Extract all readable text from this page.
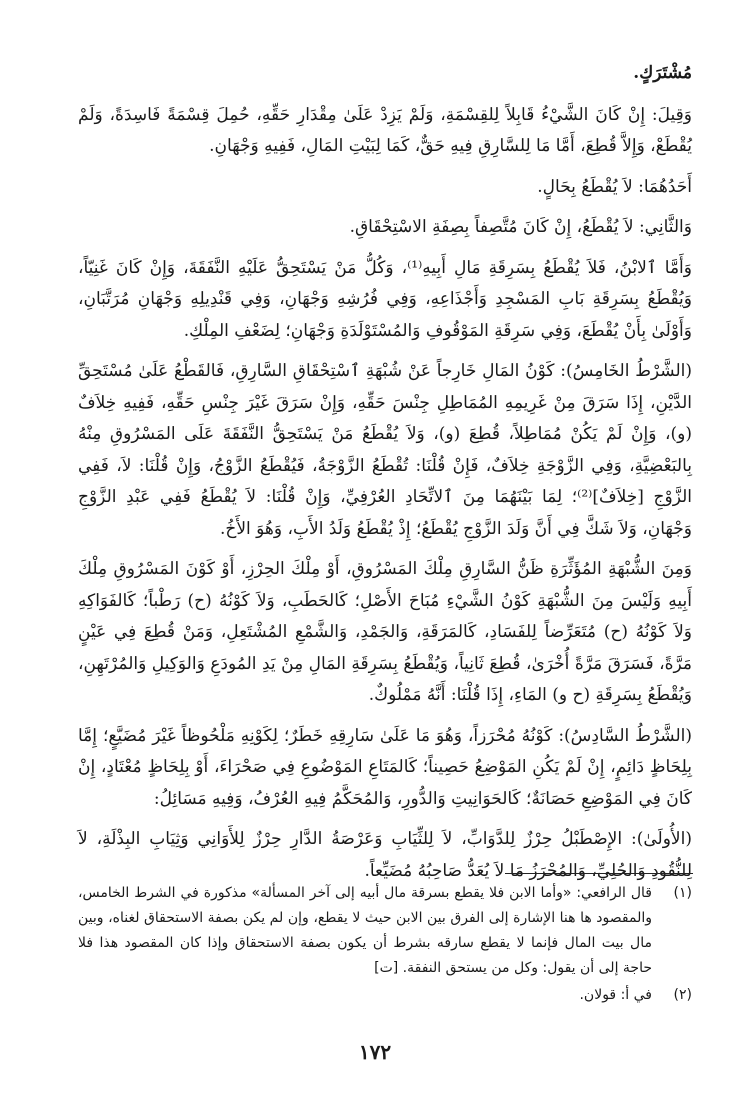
مُشْتَرَكٍ.

وَقِيلَ: إِنْ كَانَ الشَّيْءُ قَابِلاً لِلقِسْمَةِ، وَلَمْ يَزِدْ عَلَىٰ مِقْدَارِ حَقِّهِ، حُمِلَ قِسْمَةً فَاسِدَةً، وَلَمْ يُقْطَعْ، وَإِلاَّ قُطِعَ، أَمَّا مَا لِلسَّارِقِ فِيهِ حَقٌّ، كَمَا لِبَيْتِ المَالِ، فَفِيهِ وَجْهَانِ.

أَحَدُهُمَا: لاَ يُقْطَعُ بِحَالٍ.

وَالثَّانِي: لاَ يُقْطَعُ، إِنْ كَانَ مُتَّصِفاً بِصِفَةِ الاسْتِحْقَاقِ.

وَأَمَّا ٱلابْنُ، فَلاَ يُقْطَعُ بِسَرِقَةِ مَالِ أَبِيهِ⁽¹⁾، وَكُلُّ مَنْ يَسْتَحِقُّ عَلَيْهِ النَّفَقَةَ، وَإِنْ كَانَ غَنِيّاً، وَيُقْطَعُ بِسَرِقَةِ بَابِ المَسْجِدِ وَأَجْذَاعِهِ، وَفِي فُرُشِهِ وَجْهَانِ، وَفِي قَنْدِيلِهِ وَجْهَانِ مُرَتَّبَانِ، وَأَوْلَىٰ بِأَنْ يُقْطَعَ، وَفِي سَرِقَةِ المَوْقُوفِ وَالمُسْتَوْلَدَةِ وَجْهَانِ؛ لِضَعْفِ المِلْكِ.

(الشَّرْطُ الخَامِسُ): كَوْنُ المَالِ خَارِجاً عَنْ شُبْهَةِ ٱسْتِحْقَاقِ السَّارِقِ، فَالقَطْعُ عَلَىٰ مُسْتَحِقِّ الدَّيْنِ، إِذَا سَرَقَ مِنْ غَرِيمِهِ المُمَاطِلِ جِنْسَ حَقِّهِ، وَإِنْ سَرَقَ غَيْرَ جِنْسِ حَقِّهِ، فَفِيهِ خِلاَفٌ (و)، وَإِنْ لَمْ يَكُنْ مُمَاطِلاً، قُطِعَ (و)، وَلاَ يُقْطَعُ مَنْ يَسْتَحِقُّ النَّفَقَةَ عَلَى المَسْرُوقِ مِنْهُ بِالبَعْضِيَّةِ، وَفِي الزَّوْجَةِ خِلاَفٌ، فَإِنْ قُلْنَا: تُقْطَعُ الزَّوْجَةُ، فَيُقْطَعُ الزَّوْجُ، وَإِنْ قُلْنَا: لاَ، فَفِي الزَّوْجِ [خِلاَفٌ]⁽²⁾؛ لِمَا بَيْنَهُمَا مِنَ ٱلاتِّحَادِ العُرْفِيِّ، وَإِنْ قُلْنَا: لاَ يُقْطَعُ فَفِي عَبْدِ الزَّوْجِ وَجْهَانِ، وَلاَ شَكَّ فِي أَنَّ وَلَدَ الزَّوْجِ يُقْطَعُ؛ إِذْ يُقْطَعُ وَلَدُ الأَبِ، وَهُوَ الأَخُ.

وَمِنَ الشُّبْهَةِ المُؤَثِّرَةِ ظَنُّ السَّارِقِ مِلْكَ المَسْرُوقِ، أَوْ مِلْكَ الحِرْزِ، أَوْ كَوْنَ المَسْرُوقِ مِلْكَ أَبِيهِ وَلَيْسَ مِنَ الشُّبْهَةِ كَوْنُ الشَّيْءِ مُبَاحَ الأَصْلِ؛ كَالحَطَبِ، وَلاَ كَوْنُهُ (ح) رَطْباً؛ كَالفَوَاكِهِ وَلاَ كَوْنُهُ (ح) مُتَعَرِّضاً لِلفَسَادِ، كَالمَرَقَةِ، وَالجَمْدِ، وَالشَّمْعِ المُشْتَعِلِ، وَمَنْ قُطِعَ فِي عَيْنٍ مَرَّةً، فَسَرَقَ مَرَّةً أُخْرَىٰ، قُطِعَ ثَانِياً، وَيُقْطَعُ بِسَرِقَةِ المَالِ مِنْ يَدِ المُودَعِ وَالوَكِيلِ وَالمُرْتَهِنِ، وَيُقْطَعُ بِسَرِقَةِ (ح و) المَاءِ، إِذَا قُلْنَا: أَنَّهُ مَمْلُوكٌ.

(الشَّرْطُ السَّادِسُ): كَوْنُهُ مُحْرَزاً، وَهُوَ مَا عَلَىٰ سَارِقِهِ خَطَرٌ؛ لِكَوْنِهِ مَلْحُوظاً غَيْرَ مُضَيَّعٍ؛ إِمَّا بِلِحَاظٍ دَائِمٍ، إِنْ لَمْ يَكُنِ المَوْضِعُ حَصِيناً؛ كَالمَتَاعِ المَوْضُوعِ فِي صَحْرَاءَ، أَوْ بِلِحَاظٍ مُعْتَادٍ، إِنْ كَانَ فِي المَوْضِعِ حَصَانَةٌ؛ كَالحَوَانِيتِ وَالدُّورِ، وَالمُحَكَّمُ فِيهِ العُرْفُ، وَفِيهِ مَسَائِلُ:

(الأُولَىٰ): الإِصْطَبْلُ حِرْزٌ لِلدَّوَابِّ، لاَ لِلثِّيَابِ وَعَرْصَةُ الدَّارِ حِرْزٌ لِلأَوَانِي وَثِيَابِ البِذْلَةِ، لاَ لِلنُّقُودِ وَالحُلِيِّ، وَالمُحْرَزُ مَا لاَ يُعَدُّ صَاحِبُهُ مُضَيِّعاً.

(١)
قال الرافعي: «وأما الابن فلا يقطع بسرقة مال أبيه إلى آخر المسألة» مذكورة في الشرط الخامس، والمقصود ها هنا الإشارة إلى الفرق بين الابن حيث لا يقطع، وإن لم يكن بصفة الاستحقاق لغناه، وبين مال بيت المال فإنما لا يقطع سارقه بشرط أن يكون بصفة الاستحقاق وإذا كان المقصود هذا فلا حاجة إلى أن يقول: وكل من يستحق النفقة. [ت]
(٢)
في أ: قولان.
١٧٢
